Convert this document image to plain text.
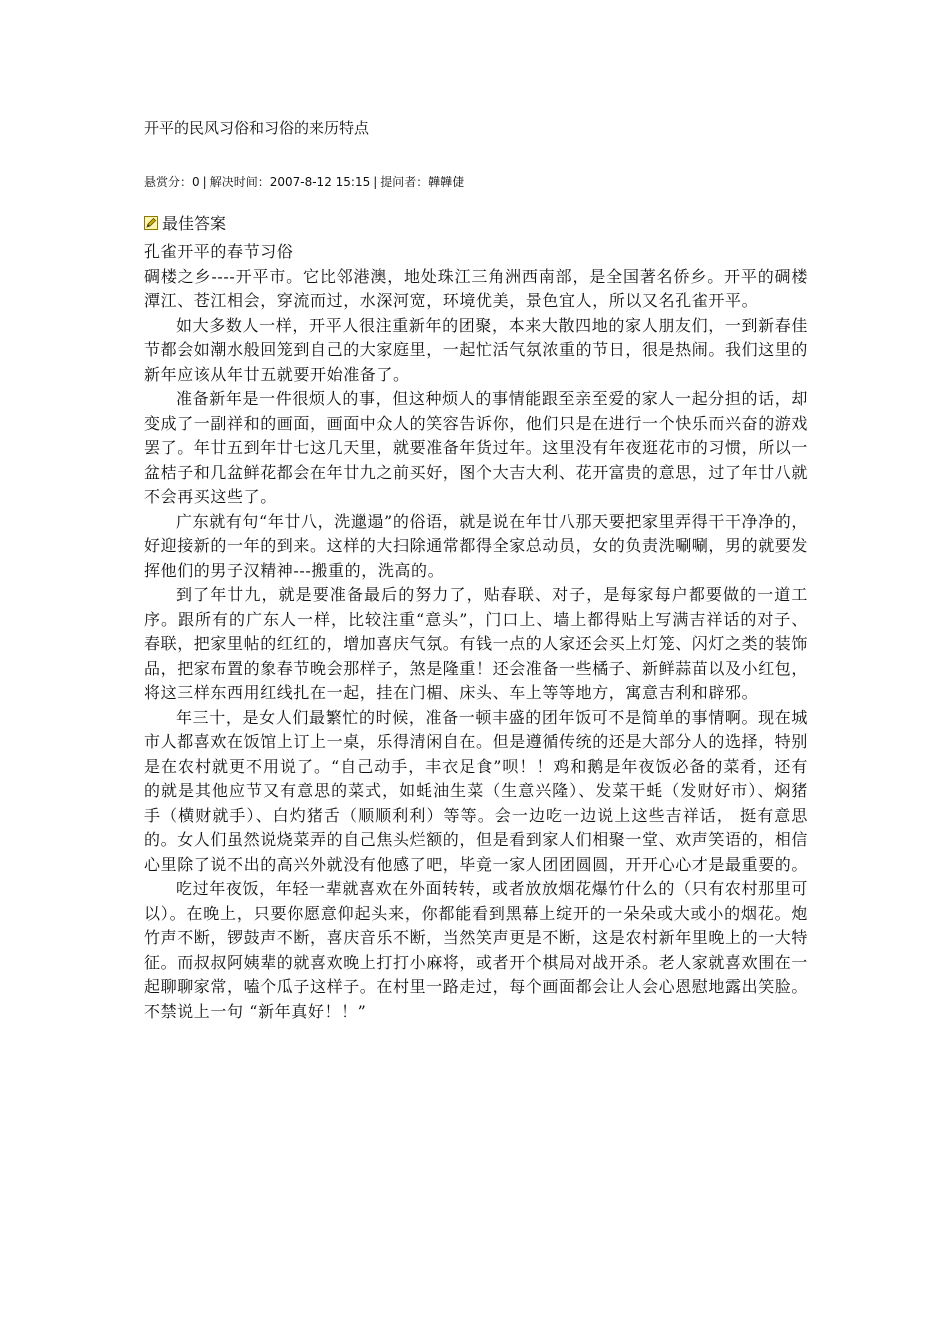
开平的民风习俗和习俗的来历特点
悬赏分：0 | 解决时间：2007-8-12 15:15 | 提问者：韡韡倢
最佳答案

孔雀开平的春节习俗

碉楼之乡----开平市。它比邻港澳，地处珠江三角洲西南部，是全国著名侨乡。开平的碉楼潭江、苍江相会，穿流而过，水深河宽，环境优美，景色宜人，所以又名孔雀开平。

如大多数人一样，开平人很注重新年的团聚，本来大散四地的家人朋友们，一到新春佳节都会如潮水般回笼到自己的大家庭里，一起忙活气氛浓重的节日，很是热闹。我们这里的新年应该从年廿五就要开始准备了。

准备新年是一件很烦人的事，但这种烦人的事情能跟至亲至爱的家人一起分担的话，却变成了一副祥和的画面，画面中众人的笑容告诉你，他们只是在进行一个快乐而兴奋的游戏罢了。年廿五到年廿七这几天里，就要准备年货过年。这里没有年夜逛花市的习惯，所以一盆桔子和几盆鲜花都会在年廿九之前买好，图个大吉大利、花开富贵的意思，过了年廿八就不会再买这些了。

广东就有句“年廿八，洗邋遢”的俗语，就是说在年廿八那天要把家里弄得干干净净的，好迎接新的一年的到来。这样的大扫除通常都得全家总动员，女的负责洗唰唰，男的就要发挥他们的男子汉精神---搬重的，洗高的。

到了年廿九，就是要准备最后的努力了，贴春联、对子，是每家每户都要做的一道工序。跟所有的广东人一样，比较注重“意头”，门口上、墙上都得贴上写满吉祥话的对子、春联，把家里帖的红红的，增加喜庆气氛。有钱一点的人家还会买上灯笼、闪灯之类的装饰品，把家布置的象春节晚会那样子，煞是隆重！还会准备一些橘子、新鲜蒜苗以及小红包，将这三样东西用红线扎在一起，挂在门楣、床头、车上等等地方，寓意吉利和辟邪。

年三十，是女人们最繁忙的时候，准备一顿丰盛的团年饭可不是简单的事情啊。现在城市人都喜欢在饭馆上订上一桌，乐得清闲自在。但是遵循传统的还是大部分人的选择，特别是在农村就更不用说了。“自己动手，丰衣足食”呗！！鸡和鹅是年夜饭必备的菜肴，还有的就是其他应节又有意思的菜式，如蚝油生菜（生意兴隆）、发菜干蚝（发财好市）、焖猪手（横财就手）、白灼猪舌（顺顺利利）等等。会一边吃一边说上这些吉祥话， 挺有意思的。女人们虽然说烧菜弄的自己焦头烂额的，但是看到家人们相聚一堂、欢声笑语的，相信心里除了说不出的高兴外就没有他感了吧，毕竟一家人团团圆圆，开开心心才是最重要的。

吃过年夜饭，年轻一辈就喜欢在外面转转，或者放放烟花爆竹什么的（只有农村那里可以）。在晚上，只要你愿意仰起头来，你都能看到黑幕上绽开的一朵朵或大或小的烟花。炮竹声不断，锣鼓声不断，喜庆音乐不断，当然笑声更是不断，这是农村新年里晚上的一大特征。而叔叔阿姨辈的就喜欢晚上打打小麻将，或者开个棋局对战开杀。老人家就喜欢围在一起聊聊家常，嗑个瓜子这样子。在村里一路走过，每个画面都会让人会心恩慰地露出笑脸。不禁说上一句 “新年真好！！”
